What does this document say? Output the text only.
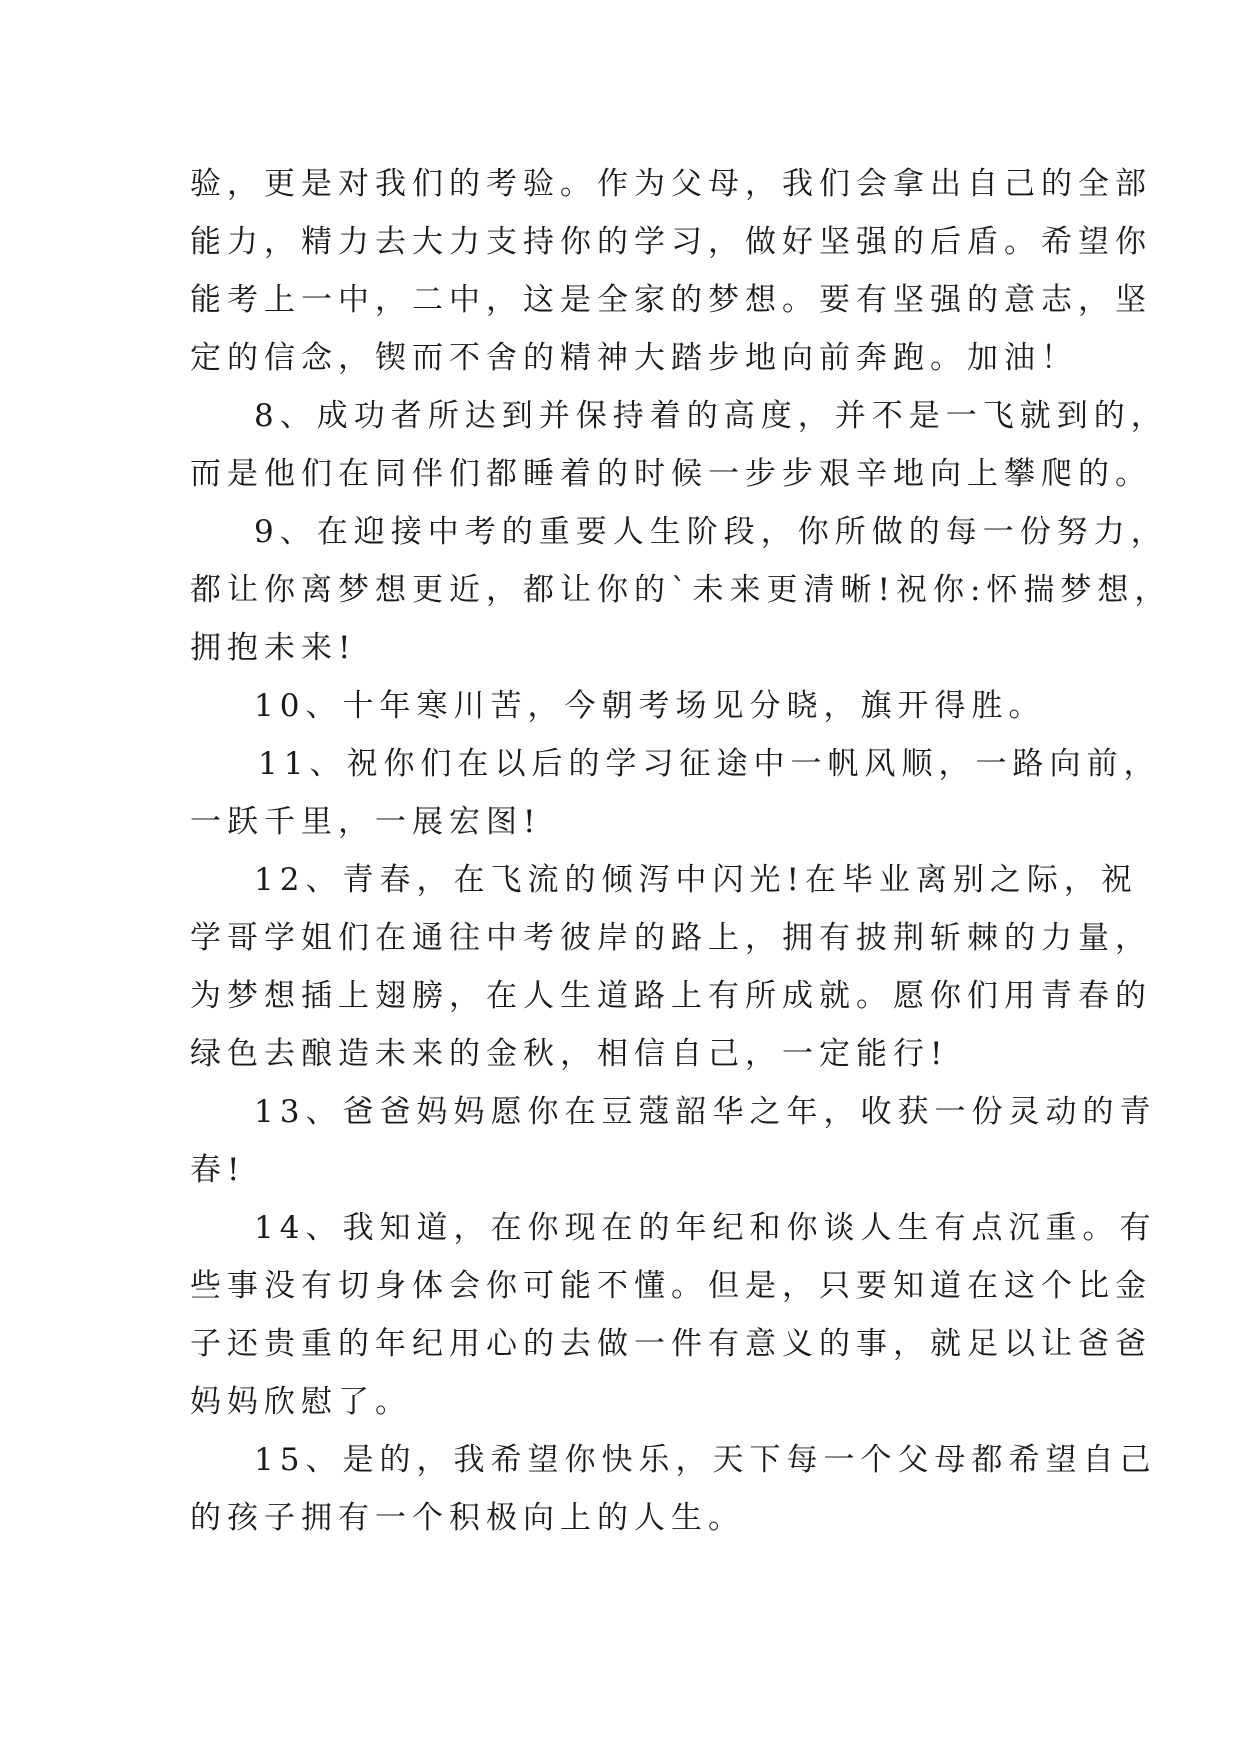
验，更是对我们的考验。作为父母，我们会拿出自己的全部
能力，精力去大力支持你的学习，做好坚强的后盾。希望你
能考上一中，二中，这是全家的梦想。要有坚强的意志，坚
定的信念，锲而不舍的精神大踏步地向前奔跑。加油！
8、成功者所达到并保持着的高度，并不是一飞就到的，
而是他们在同伴们都睡着的时候一步步艰辛地向上攀爬的。
9、在迎接中考的重要人生阶段，你所做的每一份努力，
都让你离梦想更近，都让你的`未来更清晰!祝你:怀揣梦想，
拥抱未来!
10、十年寒川苦，今朝考场见分晓，旗开得胜。
11、祝你们在以后的学习征途中一帆风顺，一路向前，
一跃千里，一展宏图!
12、青春，在飞流的倾泻中闪光!在毕业离别之际，祝
学哥学姐们在通往中考彼岸的路上，拥有披荆斩棘的力量，
为梦想插上翅膀，在人生道路上有所成就。愿你们用青春的
绿色去酿造未来的金秋，相信自己，一定能行!
13、爸爸妈妈愿你在豆蔻韶华之年，收获一份灵动的青
春!
14、我知道，在你现在的年纪和你谈人生有点沉重。有
些事没有切身体会你可能不懂。但是，只要知道在这个比金
子还贵重的年纪用心的去做一件有意义的事，就足以让爸爸
妈妈欣慰了。
15、是的，我希望你快乐，天下每一个父母都希望自己
的孩子拥有一个积极向上的人生。
